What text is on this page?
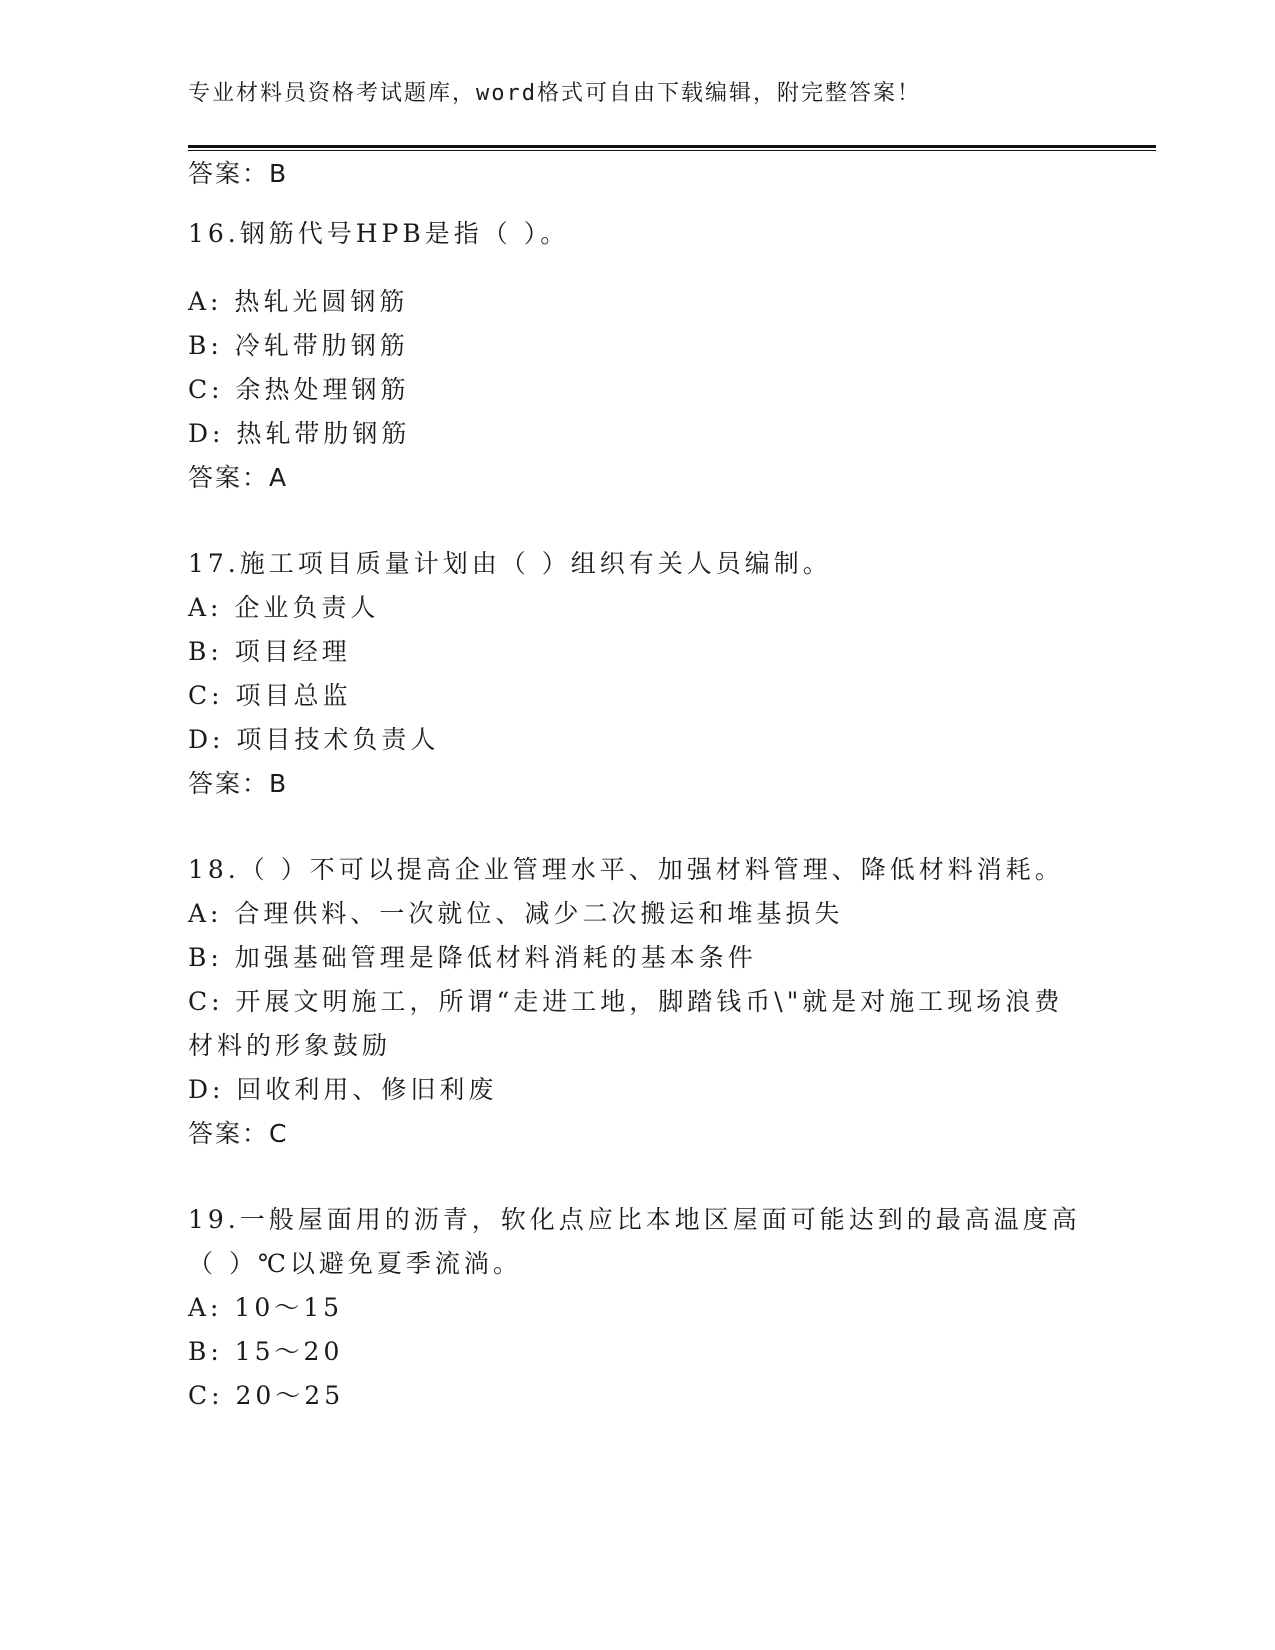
专业材料员资格考试题库，word格式可自由下载编辑，附完整答案！
答案：B
16.钢筋代号HPB是指（ ）。
A: 热轧光圆钢筋
B: 冷轧带肋钢筋
C: 余热处理钢筋
D: 热轧带肋钢筋
答案：A
17.施工项目质量计划由（ ）组织有关人员编制。
A: 企业负责人
B: 项目经理
C: 项目总监
D: 项目技术负责人
答案：B
18.（ ）不可以提高企业管理水平、加强材料管理、降低材料消耗。
A: 合理供料、一次就位、减少二次搬运和堆基损失
B: 加强基础管理是降低材料消耗的基本条件
C: 开展文明施工，所谓“走进工地，脚踏钱币\"就是对施工现场浪费
材料的形象鼓励
D: 回收利用、修旧利废
答案：C
19.一般屋面用的沥青，软化点应比本地区屋面可能达到的最高温度高
（ ）℃以避免夏季流淌。
A: 10～15
B: 15～20
C: 20～25
